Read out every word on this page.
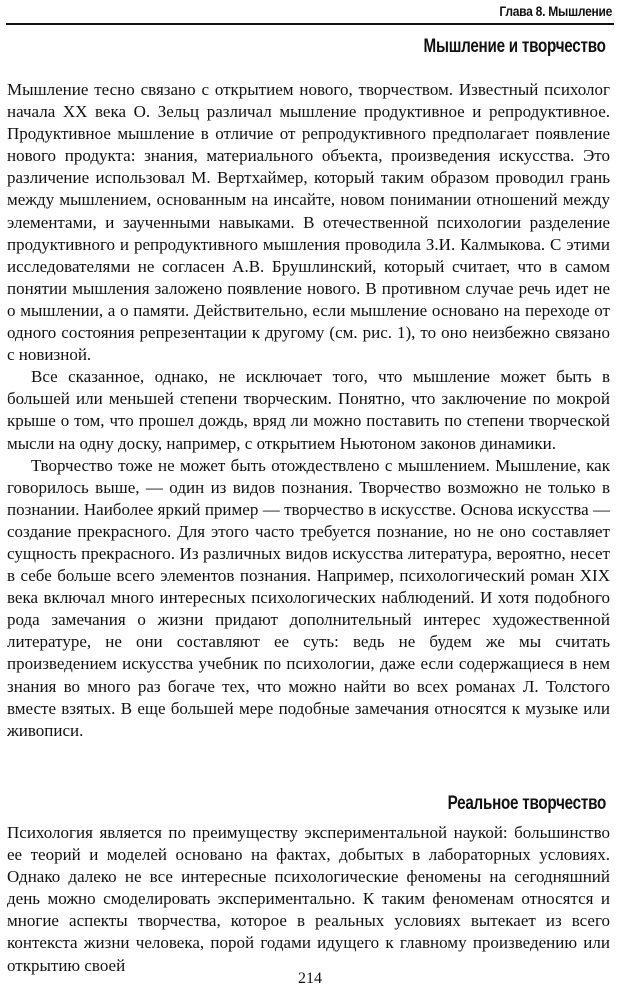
Глава 8. Мышление
Мышление и творчество

Мышление тесно связано с открытием нового, творчеством. Известный психолог начала XX века О. Зельц различал мышление продуктивное и репродуктивное. Продуктивное мышление в отличие от репродуктивного предполагает появление нового продукта: знания, материального объекта, произведения искусства. Это различение использовал М. Вертхаймер, который таким образом проводил грань между мышлением, основанным на инсайте, новом понимании отношений между элементами, и заученными навыками. В отечественной психологии разделение продуктивного и репродуктивного мышления проводила З.И. Калмыкова. С этими исследователями не согласен А.В. Брушлинский, который считает, что в самом понятии мышления заложено появление нового. В противном случае речь идет не о мышлении, а о памяти. Действительно, если мышление основано на переходе от одного состояния репрезентации к другому (см. рис. 1), то оно неизбежно связано с новизной.

Все сказанное, однако, не исключает того, что мышление может быть в большей или меньшей степени творческим. Понятно, что заключение по мокрой крыше о том, что прошел дождь, вряд ли можно поставить по степени творческой мысли на одну доску, например, с открытием Ньютоном законов динамики.

Творчество тоже не может быть отождествлено с мышлением. Мышление, как говорилось выше, — один из видов познания. Творчество возможно не только в познании. Наиболее яркий пример — творчество в искусстве. Основа искусства — создание прекрасного. Для этого часто требуется познание, но не оно составляет сущность прекрасного. Из различных видов искусства литература, вероятно, несет в себе больше всего элементов познания. Например, психологический роман XIX века включал много интересных психологических наблюдений. И хотя подобного рода замечания о жизни придают дополнительный интерес художественной литературе, не они составляют ее суть: ведь не будем же мы считать произведением искусства учебник по психологии, даже если содержащиеся в нем знания во много раз богаче тех, что можно найти во всех романах Л. Толстого вместе взятых. В еще большей мере подобные замечания относятся к музыке или живописи.

Реальное творчество

Психология является по преимуществу экспериментальной наукой: большинство ее теорий и моделей основано на фактах, добытых в лабораторных условиях. Однако далеко не все интересные психологические феномены на сегодняшний день можно смоделировать экспериментально. К таким феноменам относятся и многие аспекты творчества, которое в реальных условиях вытекает из всего контекста жизни человека, порой годами идущего к главному произведению или открытию своей

214
